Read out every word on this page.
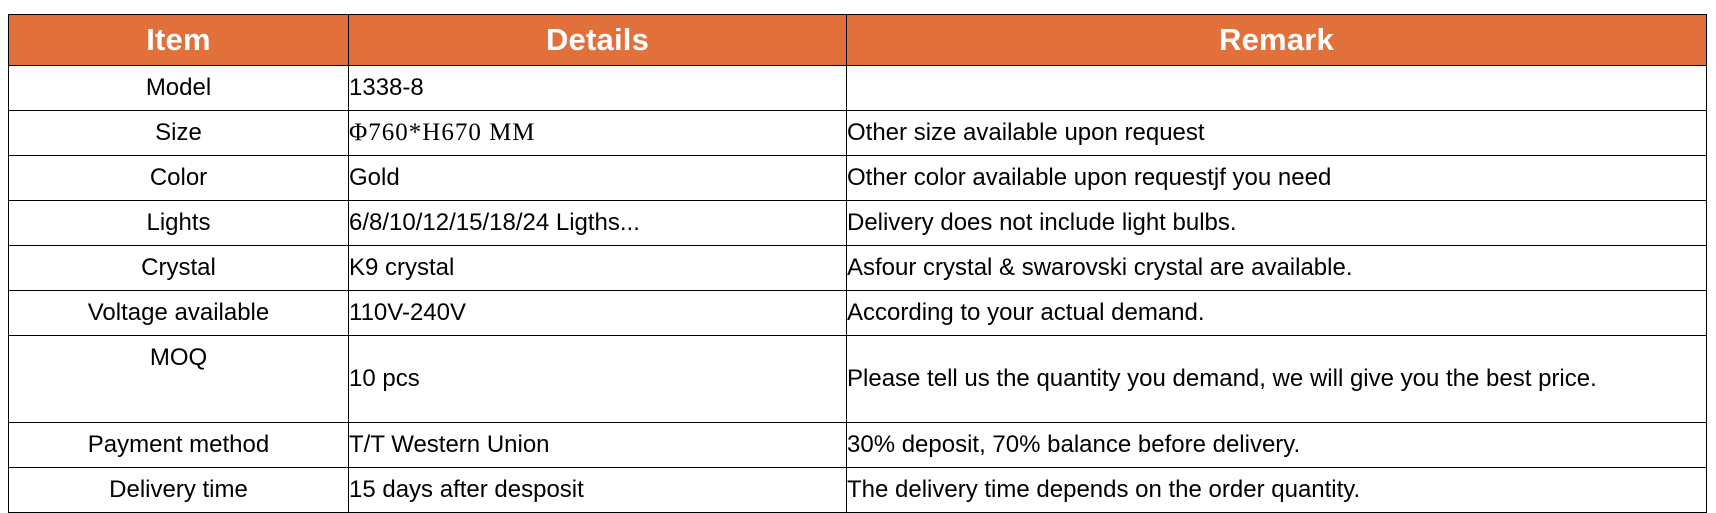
Item	Details	Remark
Model	1338-8	
Size	Φ760*H670 MM	Other size available upon request
Color	Gold	Other color available upon requestjf you need
Lights	6/8/10/12/15/18/24 Ligths...	Delivery does not include light bulbs.
Crystal	K9 crystal	Asfour crystal & swarovski crystal are available.
Voltage available	110V-240V	According to your actual demand.
MOQ	10 pcs	Please tell us the quantity you demand, we will give you the best price.
Payment method	T/T Western Union	30% deposit, 70% balance before delivery.
Delivery time	15 days after desposit	The delivery time depends on the order quantity.
